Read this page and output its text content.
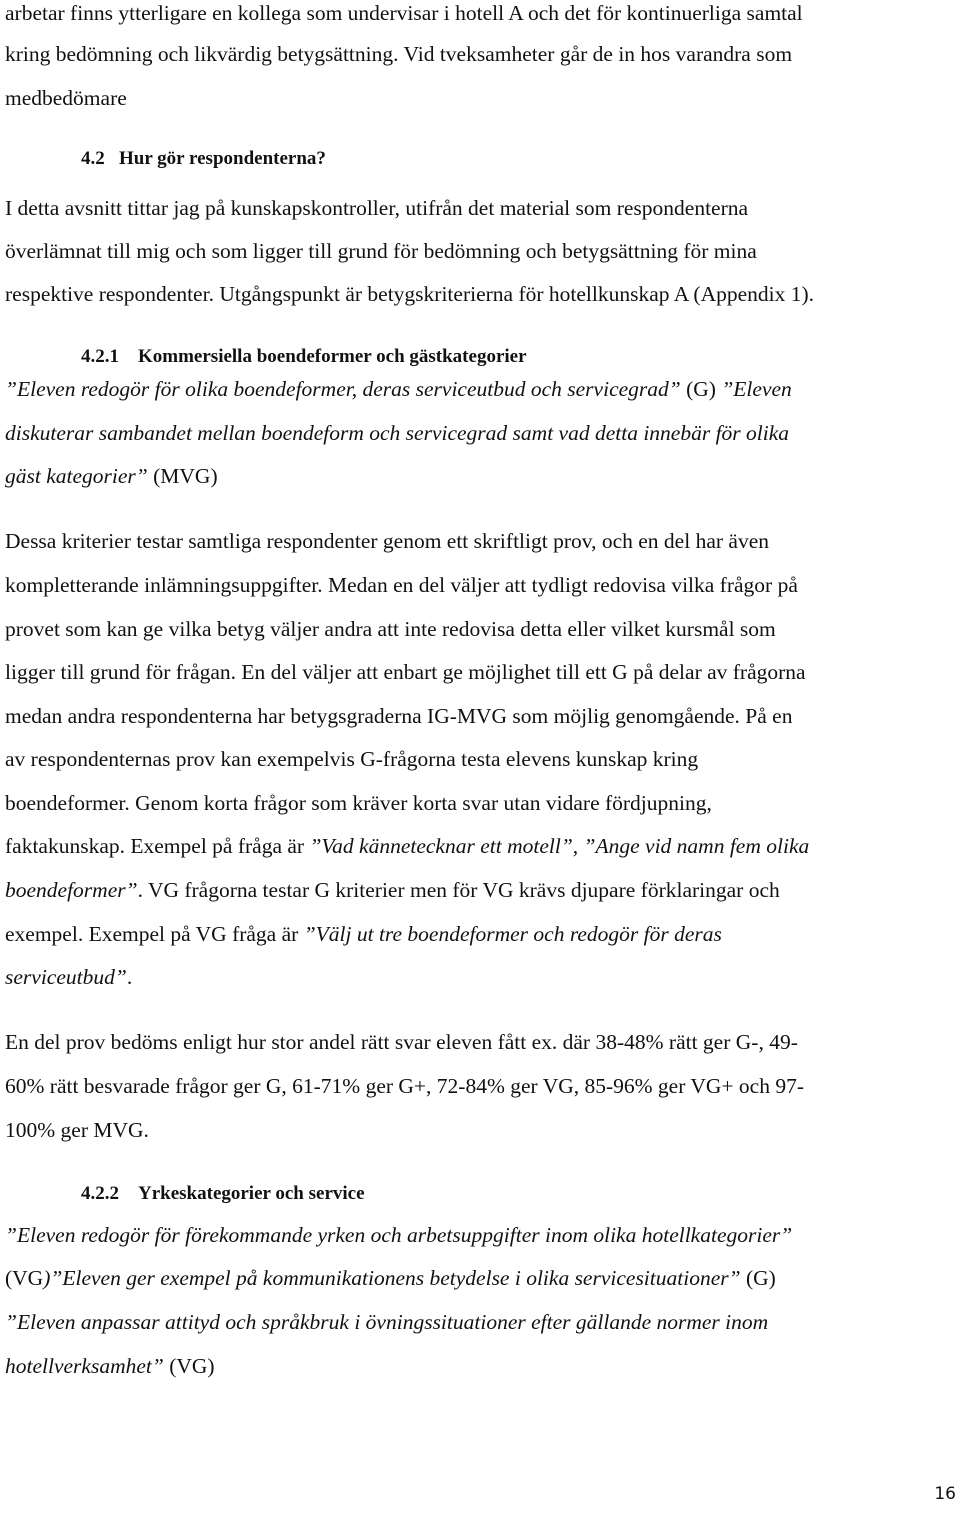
arbetar finns ytterligare en kollega som undervisar i hotell A och det för kontinuerliga samtal

kring bedömning och likvärdig betygsättning. Vid tveksamheter går de in hos varandra som

medbedömare

4.2 Hur gör respondenterna?

I detta avsnitt tittar jag på kunskapskontroller, utifrån det material som respondenterna

överlämnat till mig och som ligger till grund för bedömning och betygsättning för mina

respektive respondenter. Utgångspunkt är betygskriterierna för hotellkunskap A (Appendix 1).

4.2.1 Kommersiella boendeformer och gästkategorier

”Eleven redogör för olika boendeformer, deras serviceutbud och servicegrad” (G) ”Eleven

diskuterar sambandet mellan boendeform och servicegrad samt vad detta innebär för olika

gäst kategorier” (MVG)

Dessa kriterier testar samtliga respondenter genom ett skriftligt prov, och en del har även

kompletterande inlämningsuppgifter. Medan en del väljer att tydligt redovisa vilka frågor på

provet som kan ge vilka betyg väljer andra att inte redovisa detta eller vilket kursmål som

ligger till grund för frågan. En del väljer att enbart ge möjlighet till ett G på delar av frågorna

medan andra respondenterna har betygsgraderna IG-MVG som möjlig genomgående. På en

av respondenternas prov kan exempelvis G-frågorna testa elevens kunskap kring

boendeformer. Genom korta frågor som kräver korta svar utan vidare fördjupning,

faktakunskap. Exempel på fråga är ”Vad kännetecknar ett motell”, ”Ange vid namn fem olika

boendeformer”. VG frågorna testar G kriterier men för VG krävs djupare förklaringar och

exempel. Exempel på VG fråga är ”Välj ut tre boendeformer och redogör för deras

serviceutbud”.

En del prov bedöms enligt hur stor andel rätt svar eleven fått ex. där 38-48% rätt ger G-, 49-

60% rätt besvarade frågor ger G, 61-71% ger G+, 72-84% ger VG, 85-96% ger VG+ och 97-

100% ger MVG.

4.2.2 Yrkeskategorier och service

”Eleven redogör för förekommande yrken och arbetsuppgifter inom olika hotellkategorier”

(VG)”Eleven ger exempel på kommunikationens betydelse i olika servicesituationer” (G)

”Eleven anpassar attityd och språkbruk i övningssituationer efter gällande normer inom

hotellverksamhet” (VG)

16
